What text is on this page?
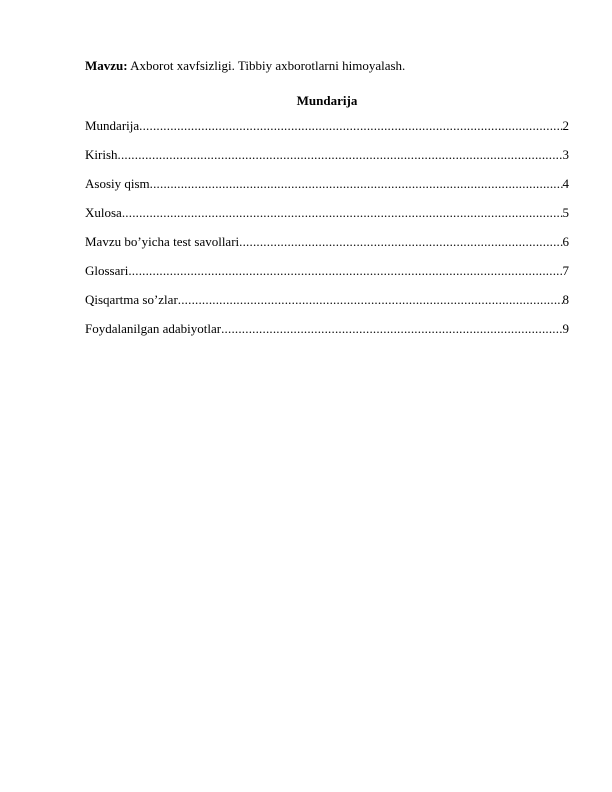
Mavzu: Axborot xavfsizligi. Tibbiy axborotlarni himoyalash.
Mundarija
Mundarija .....	2
Kirish .....	3
Asosiy qism .....	4
Xulosa .....	5
Mavzu bo’yicha test savollari .....	6
Glossari .....	7
Qisqartma so’zlar .....	8
Foydalanilgan adabiyotlar .....	9
